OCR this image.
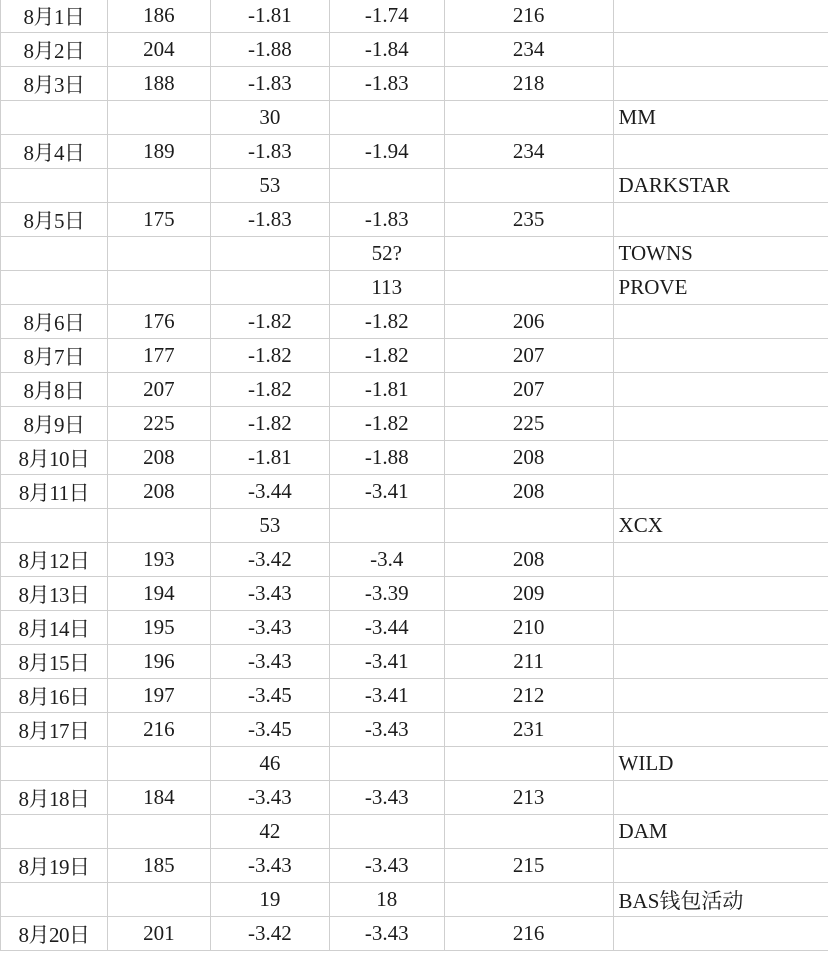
8月1日	186	-1.81	-1.74	216	
8月2日	204	-1.88	-1.84	234	
8月3日	188	-1.83	-1.83	218	
		30			MM
8月4日	189	-1.83	-1.94	234	
		53			DARKSTAR
8月5日	175	-1.83	-1.83	235	
			52?		TOWNS
			113		PROVE
8月6日	176	-1.82	-1.82	206	
8月7日	177	-1.82	-1.82	207	
8月8日	207	-1.82	-1.81	207	
8月9日	225	-1.82	-1.82	225	
8月10日	208	-1.81	-1.88	208	
8月11日	208	-3.44	-3.41	208	
		53			XCX
8月12日	193	-3.42	-3.4	208	
8月13日	194	-3.43	-3.39	209	
8月14日	195	-3.43	-3.44	210	
8月15日	196	-3.43	-3.41	211	
8月16日	197	-3.45	-3.41	212	
8月17日	216	-3.45	-3.43	231	
		46			WILD
8月18日	184	-3.43	-3.43	213	
		42			DAM
8月19日	185	-3.43	-3.43	215	
		19	18		BAS钱包活动
8月20日	201	-3.42	-3.43	216	
